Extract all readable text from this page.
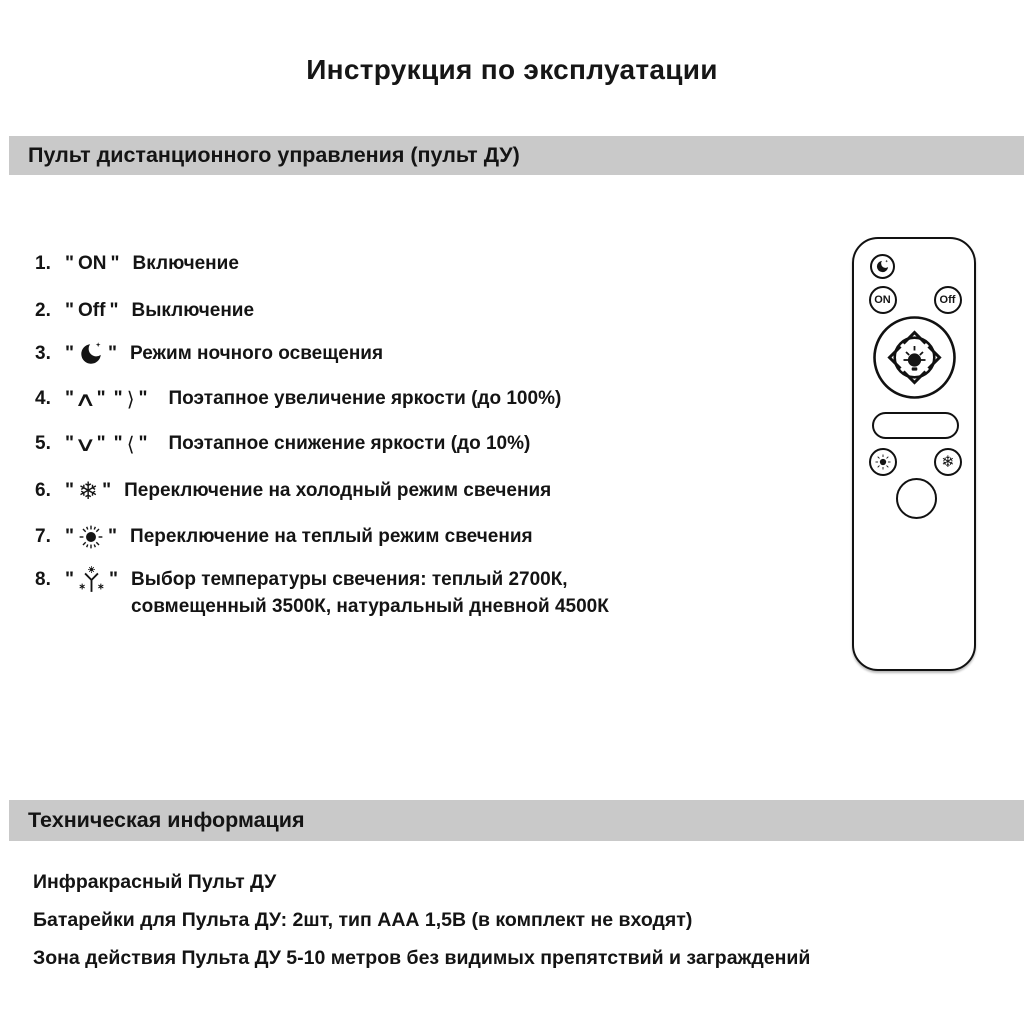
Инструкция по эксплуатации
Пульт дистанционного управления (пульт ДУ)
1. " ON " Включение
2. " Off " Выключение
3. " " Режим ночного освещения
4. " ∧ " " ⟩ " Поэтапное увеличение яркости (до 100%)
5. " ∨ " " ⟨ " Поэтапное снижение яркости (до 10%)
6. " ❄ " Переключение на холодный режим свечения
7. " " Переключение на теплый режим свечения
8. " " Выбор температуры свечения: теплый 2700К,
совмещенный 3500К, натуральный дневной 4500К
ON	Off
❄
Техническая информация
Инфракрасный Пульт ДУ
Батарейки для Пульта ДУ: 2шт, тип ААА 1,5В (в комплект не входят)
Зона действия Пульта ДУ 5-10 метров без видимых препятствий и заграждений
